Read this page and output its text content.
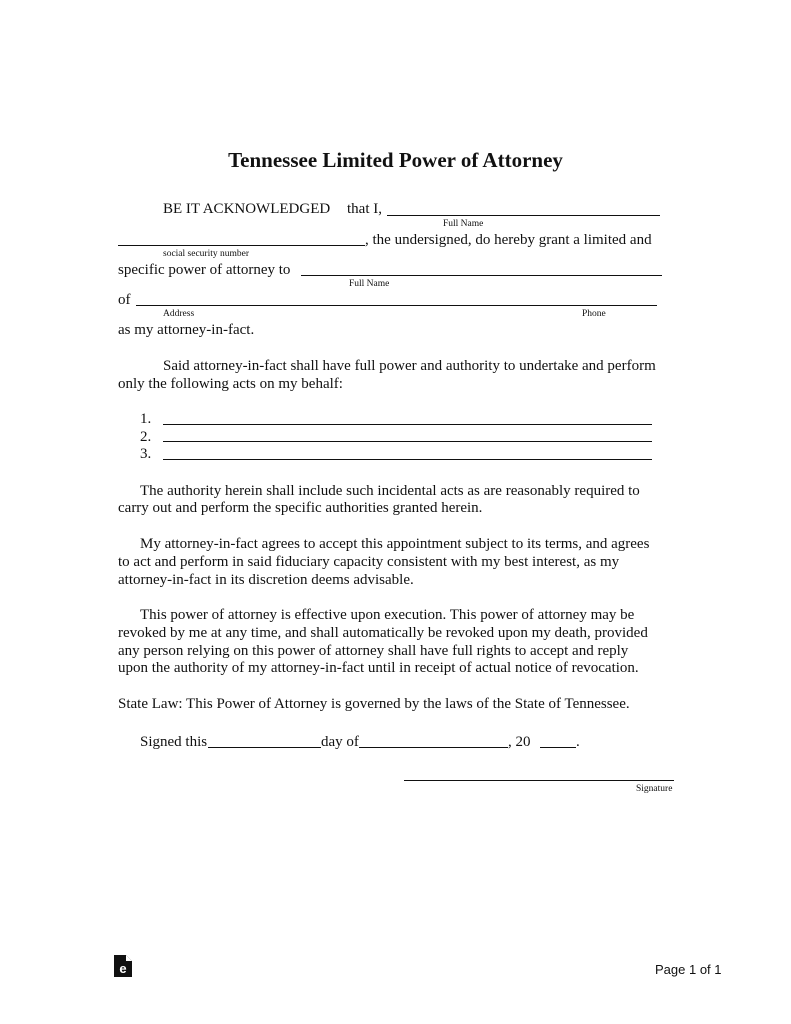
Tennessee Limited Power of Attorney
BE IT ACKNOWLEDGED that I,
Full Name
, the undersigned, do hereby grant a limited and
social security number
specific power of attorney to
Full Name
of
Address	Phone
as my attorney-in-fact.
Said attorney-in-fact shall have full power and authority to undertake and perform
only the following acts on my behalf:
1.
2.
3.
The authority herein shall include such incidental acts as are reasonably required to
carry out and perform the specific authorities granted herein.
My attorney-in-fact agrees to accept this appointment subject to its terms, and agrees
to act and perform in said fiduciary capacity consistent with my best interest, as my
attorney-in-fact in its discretion deems advisable.
This power of attorney is effective upon execution. This power of attorney may be
revoked by me at any time, and shall automatically be revoked upon my death, provided
any person relying on this power of attorney shall have full rights to accept and reply
upon the authority of my attorney-in-fact until in receipt of actual notice of revocation.
State Law: This Power of Attorney is governed by the laws of the State of Tennessee.
Signed this	day of	, 20	.
Signature
e	Page 1 of 1
